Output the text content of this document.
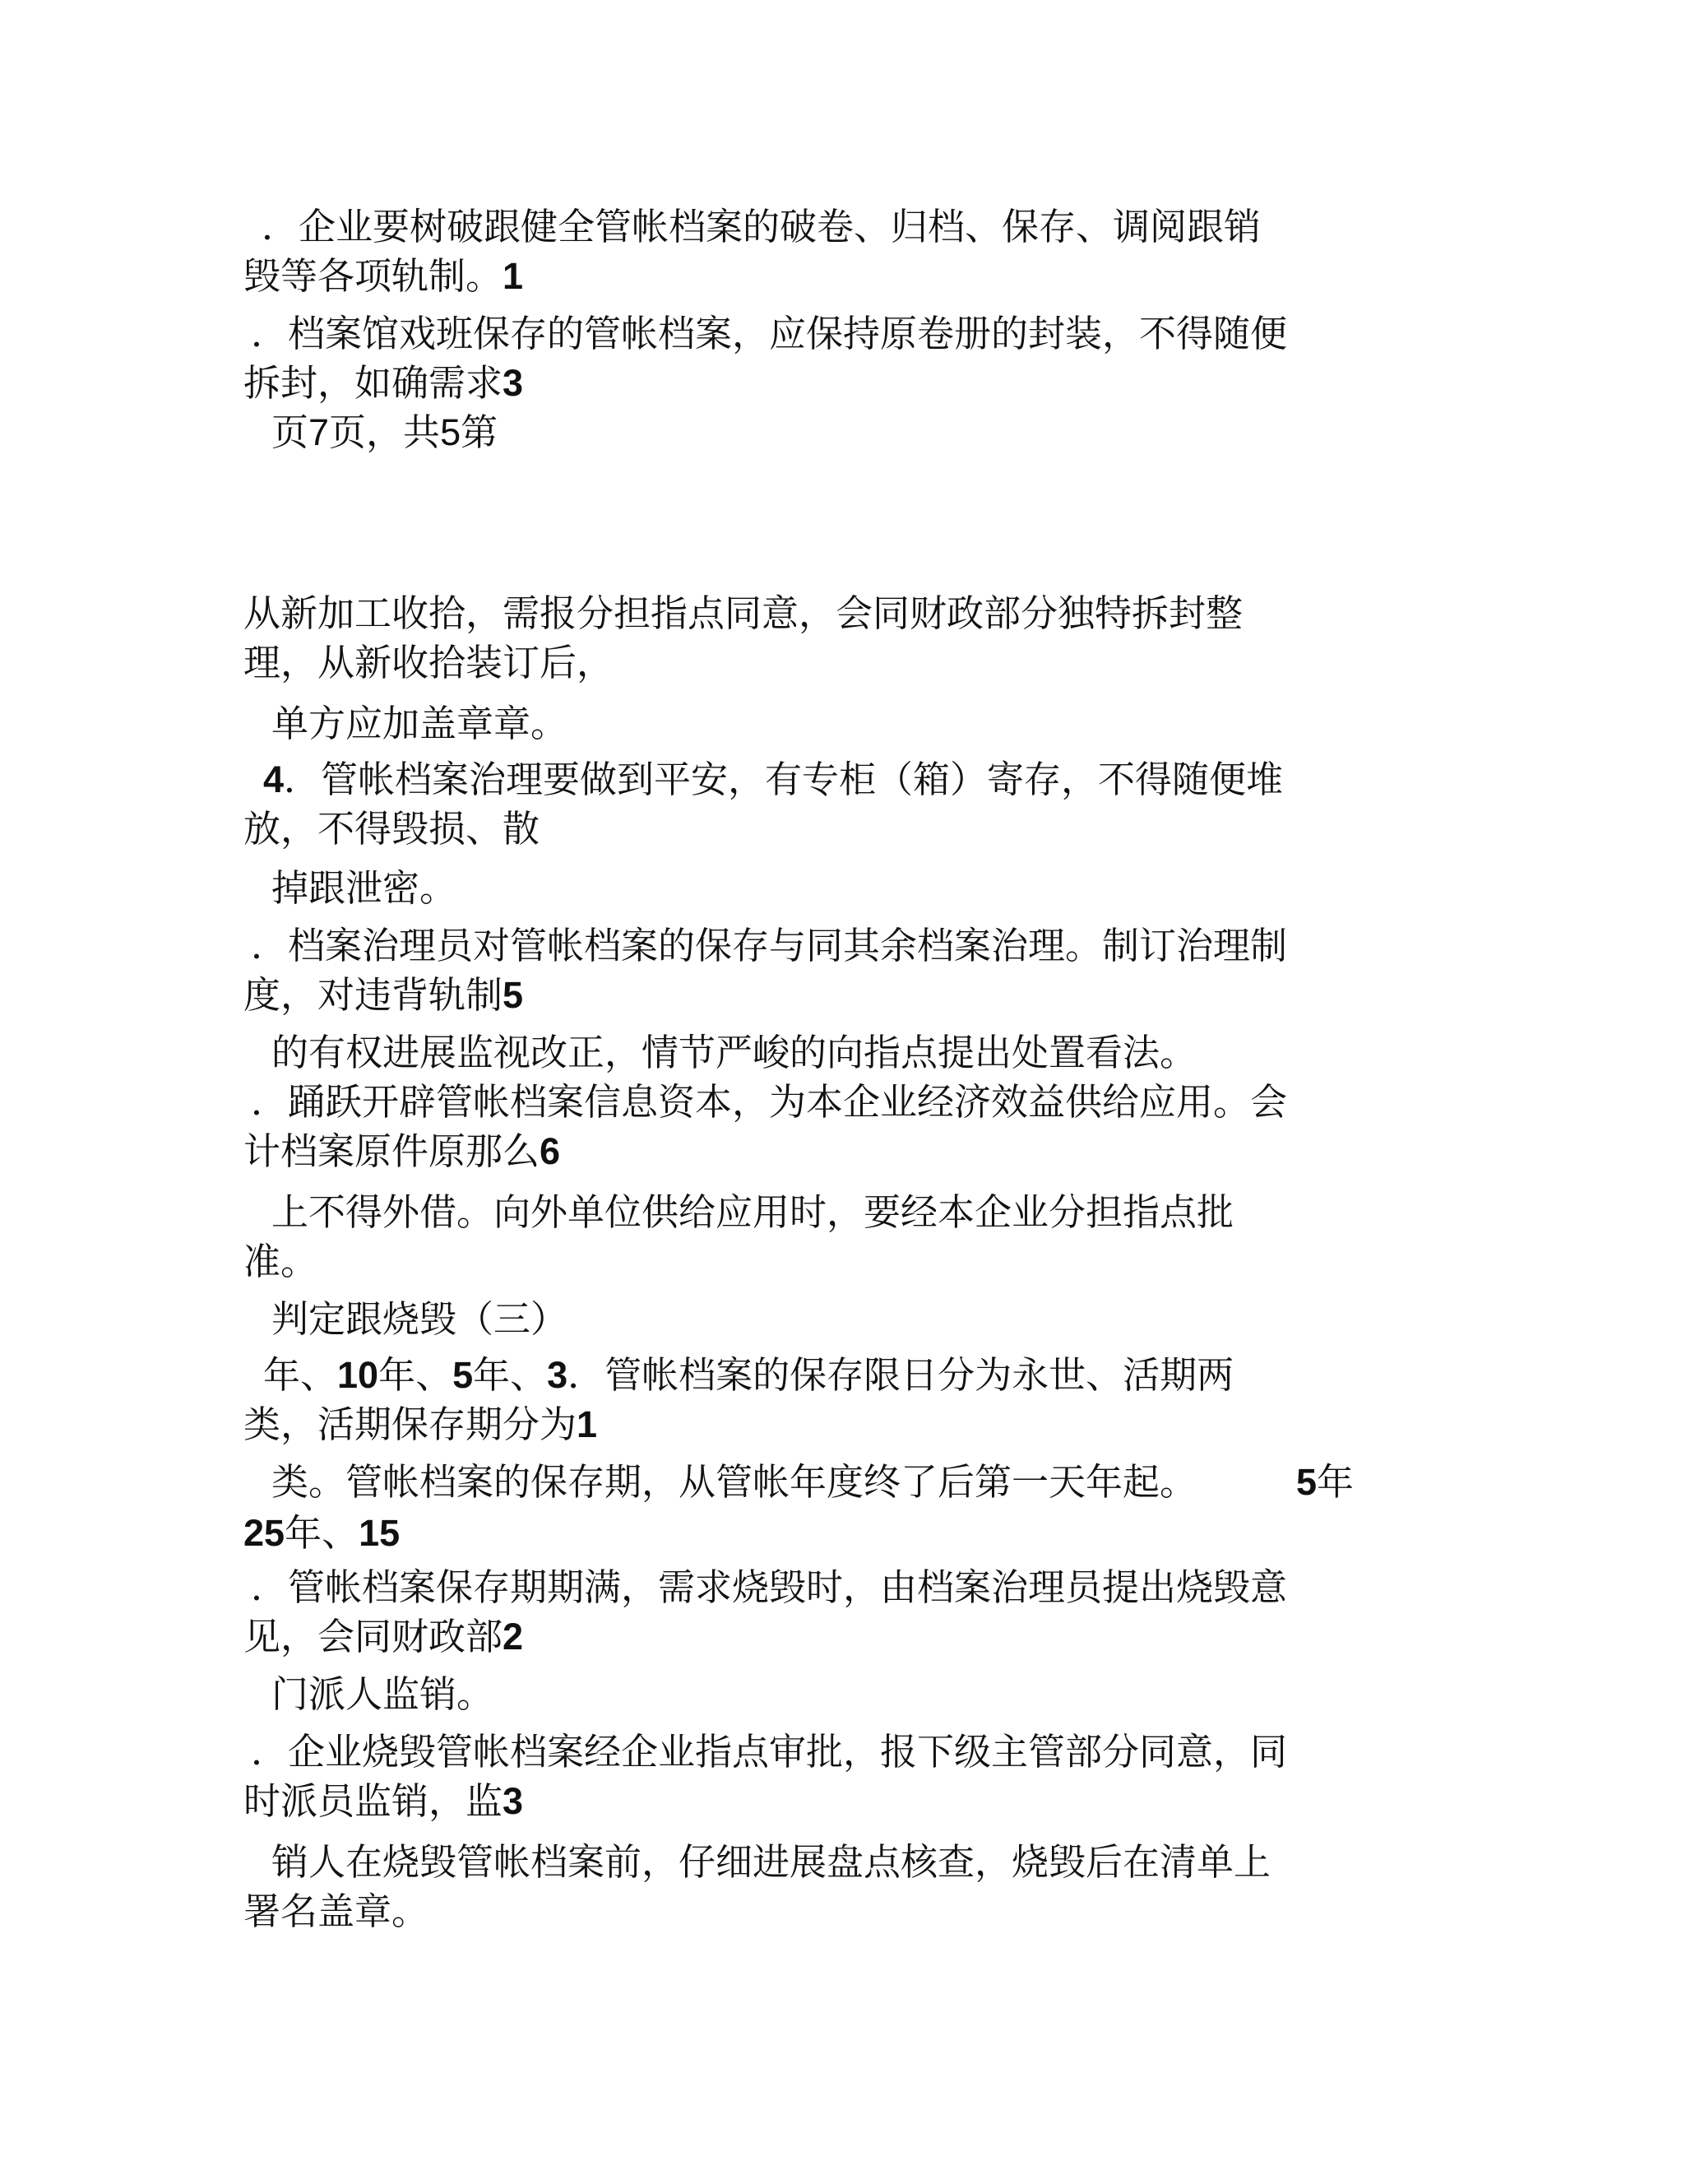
．企业要树破跟健全管帐档案的破卷、归档、保存、调阅跟销

毁等各项轨制。1

．档案馆戏班保存的管帐档案，应保持原卷册的封装，不得随便

拆封，如确需求3

页7页，共5第

从新加工收拾，需报分担指点同意，会同财政部分独特拆封整

理，从新收拾装订后，

单方应加盖章章。

4．管帐档案治理要做到平安，有专柜（箱）寄存，不得随便堆

放，不得毁损、散

掉跟泄密。

．档案治理员对管帐档案的保存与同其余档案治理。制订治理制

度，对违背轨制5

的有权进展监视改正，情节严峻的向指点提出处置看法。

．踊跃开辟管帐档案信息资本，为本企业经济效益供给应用。会

计档案原件原那么6

上不得外借。向外单位供给应用时，要经本企业分担指点批

准。

判定跟烧毁（三）

年、10年、5年、3．管帐档案的保存限日分为永世、活期两

类，活期保存期分为1

类。管帐档案的保存期，从管帐年度终了后第一天年起。	5年

25年、15

．管帐档案保存期期满，需求烧毁时，由档案治理员提出烧毁意

见，会同财政部2

门派人监销。

．企业烧毁管帐档案经企业指点审批，报下级主管部分同意，同

时派员监销，监3

销人在烧毁管帐档案前，仔细进展盘点核查，烧毁后在清单上

署名盖章。
